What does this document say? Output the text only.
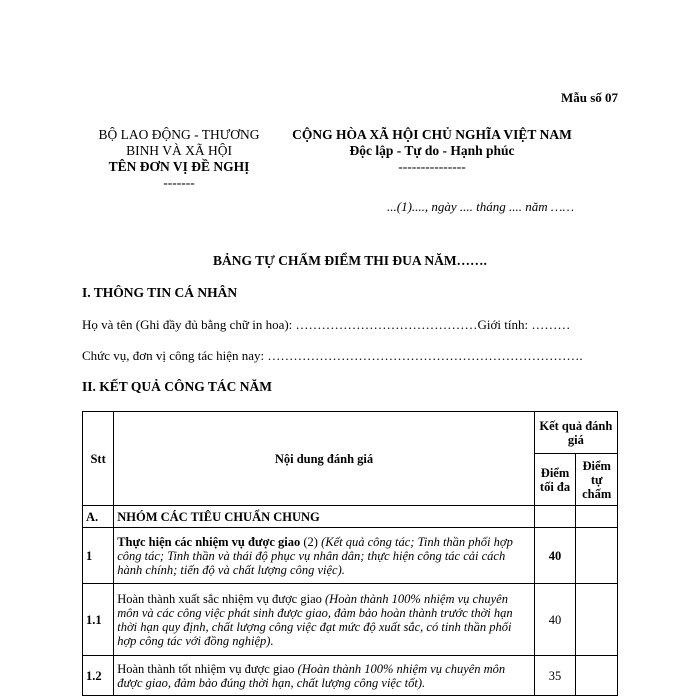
Mẫu số 07
BỘ LAO ĐỘNG - THƯƠNG
BINH VÀ XÃ HỘI
TÊN ĐƠN VỊ ĐỀ NGHỊ
-------
CỘNG HÒA XÃ HỘI CHỦ NGHĨA VIỆT NAM
Độc lập - Tự do - Hạnh phúc
---------------
...(1)...., ngày .... tháng .... năm ……
BẢNG TỰ CHẤM ĐIỂM THI ĐUA NĂM…….
I. THÔNG TIN CÁ NHÂN
Họ và tên (Ghi đầy đủ bằng chữ in hoa): ……………………………………Giới tính: ………
Chức vụ, đơn vị công tác hiện nay: ……………………………………………………………….
II. KẾT QUẢ CÔNG TÁC NĂM
Stt	Nội dung đánh giá	Kết quả đánh giá	
		Điểm tối đa	Điểm tự chấm
A.	NHÓM CÁC TIÊU CHUẨN CHUNG		
1	Thực hiện các nhiệm vụ được giao (2) (Kết quả công tác; Tinh thần phối hợp công tác; Tinh thần và thái độ phục vụ nhân dân; thực hiện công tác cải cách hành chính; tiến độ và chất lượng công việc).	40	
1.1	Hoàn thành xuất sắc nhiệm vụ được giao (Hoàn thành 100% nhiệm vụ chuyên môn và các công việc phát sinh được giao, đảm bảo hoàn thành trước thời hạn thời hạn quy định, chất lượng công việc đạt mức độ xuất sắc, có tinh thần phối hợp công tác với đồng nghiệp).	40	
1.2	Hoàn thành tốt nhiệm vụ được giao (Hoàn thành 100% nhiệm vụ chuyên môn được giao, đảm bảo đúng thời hạn, chất lượng công việc tốt).	35	
